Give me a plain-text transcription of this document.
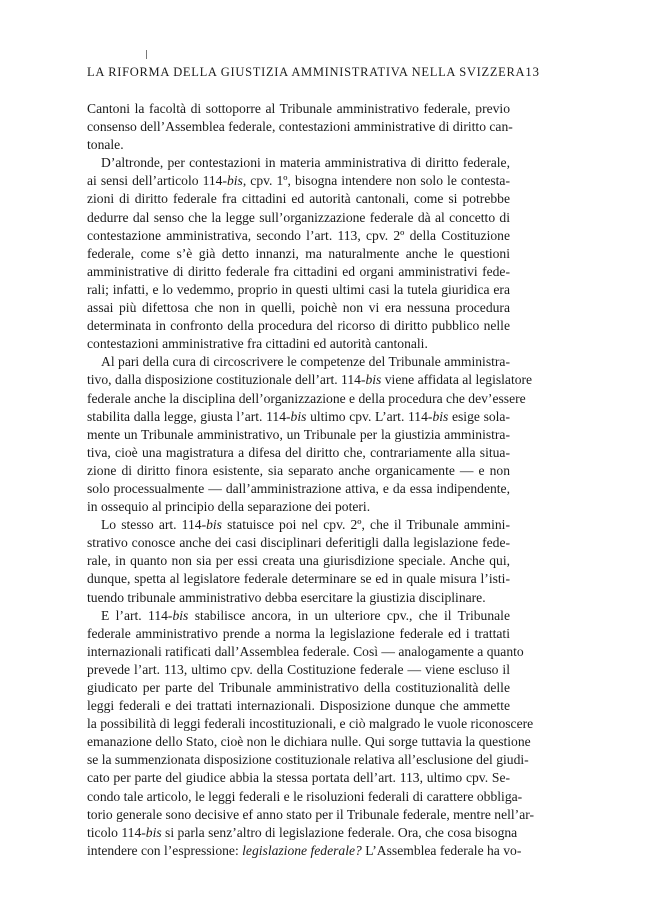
LA RIFORMA DELLA GIUSTIZIA AMMINISTRATIVA NELLA SVIZZERA 13
Cantoni la facoltà di sottoporre al Tribunale amministrativo federale, previo
consenso dell’Assemblea federale, contestazioni amministrative di diritto can-
tonale.
D’altronde, per contestazioni in materia amministrativa di diritto federale,
ai sensi dell’articolo 114-bis, cpv. 1º, bisogna intendere non solo le contesta-
zioni di diritto federale fra cittadini ed autorità cantonali, come si potrebbe
dedurre dal senso che la legge sull’organizzazione federale dà al concetto di
contestazione amministrativa, secondo l’art. 113, cpv. 2º della Costituzione
federale, come s’è già detto innanzi, ma naturalmente anche le questioni
amministrative di diritto federale fra cittadini ed organi amministrativi fede-
rali; infatti, e lo vedemmo, proprio in questi ultimi casi la tutela giuridica era
assai più difettosa che non in quelli, poichè non vi era nessuna procedura
determinata in confronto della procedura del ricorso di diritto pubblico nelle
contestazioni amministrative fra cittadini ed autorità cantonali.
Al pari della cura di circoscrivere le competenze del Tribunale amministra-
tivo, dalla disposizione costituzionale dell’art. 114-bis viene affidata al legislatore
federale anche la disciplina dell’organizzazione e della procedura che dev’essere
stabilita dalla legge, giusta l’art. 114-bis ultimo cpv. L’art. 114-bis esige sola-
mente un Tribunale amministrativo, un Tribunale per la giustizia amministra-
tiva, cioè una magistratura a difesa del diritto che, contrariamente alla situa-
zione di diritto finora esistente, sia separato anche organicamente — e non
solo processualmente — dall’amministrazione attiva, e da essa indipendente,
in ossequio al principio della separazione dei poteri.
Lo stesso art. 114-bis statuisce poi nel cpv. 2º, che il Tribunale ammini-
strativo conosce anche dei casi disciplinari deferitigli dalla legislazione fede-
rale, in quanto non sia per essi creata una giurisdizione speciale. Anche qui,
dunque, spetta al legislatore federale determinare se ed in quale misura l’isti-
tuendo tribunale amministrativo debba esercitare la giustizia disciplinare.
E l’art. 114-bis stabilisce ancora, in un ulteriore cpv., che il Tribunale
federale amministrativo prende a norma la legislazione federale ed i trattati
internazionali ratificati dall’Assemblea federale. Così — analogamente a quanto
prevede l’art. 113, ultimo cpv. della Costituzione federale — viene escluso il
giudicato per parte del Tribunale amministrativo della costituzionalità delle
leggi federali e dei trattati internazionali. Disposizione dunque che ammette
la possibilità di leggi federali incostituzionali, e ciò malgrado le vuole riconoscere
emanazione dello Stato, cioè non le dichiara nulle. Qui sorge tuttavia la questione
se la summenzionata disposizione costituzionale relativa all’esclusione del giudi-
cato per parte del giudice abbia la stessa portata dell’art. 113, ultimo cpv. Se-
condo tale articolo, le leggi federali e le risoluzioni federali di carattere obbliga-
torio generale sono decisive ef anno stato per il Tribunale federale, mentre nell’ar-
ticolo 114-bis si parla senz’altro di legislazione federale. Ora, che cosa bisogna
intendere con l’espressione: legislazione federale? L’Assemblea federale ha vo-
